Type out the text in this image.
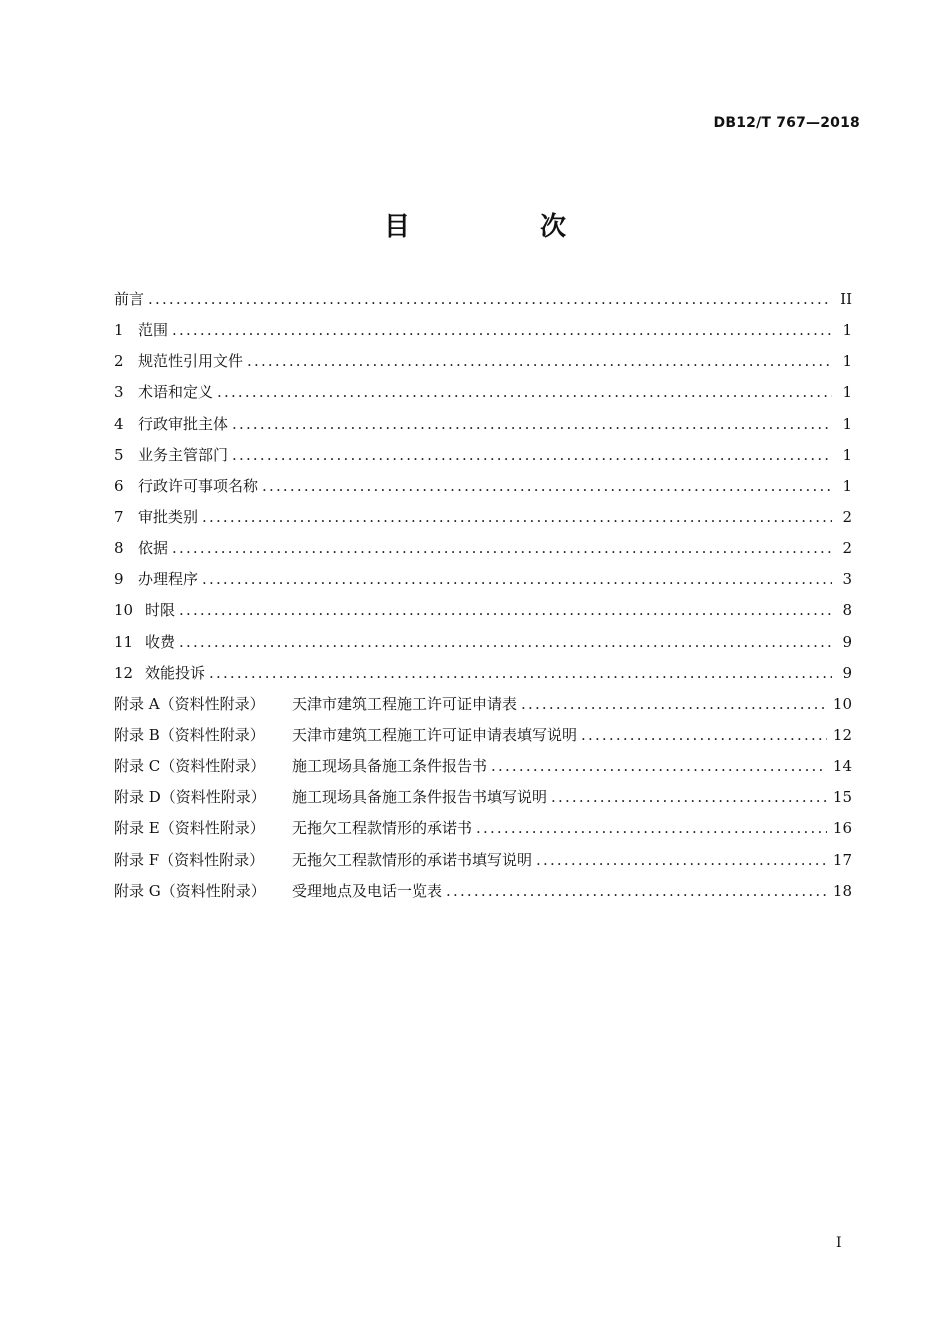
DB12/T 767—2018
目　次
前言 .....	II
1 范围 .....	1
2 规范性引用文件 .....	1
3 术语和定义 .....	1
4 行政审批主体 .....	1
5 业务主管部门 .....	1
6 行政许可事项名称 .....	1
7 审批类别 .....	2
8 依据 .....	2
9 办理程序 .....	3
10 时限 .....	8
11 收费 .....	9
12 效能投诉 .....	9
附录 A（资料性附录） 天津市建筑工程施工许可证申请表 .....	10
附录 B（资料性附录） 天津市建筑工程施工许可证申请表填写说明 .....	12
附录 C（资料性附录） 施工现场具备施工条件报告书 .....	14
附录 D（资料性附录） 施工现场具备施工条件报告书填写说明 .....	15
附录 E（资料性附录） 无拖欠工程款情形的承诺书 .....	16
附录 F（资料性附录） 无拖欠工程款情形的承诺书填写说明 .....	17
附录 G（资料性附录） 受理地点及电话一览表 .....	18
I
